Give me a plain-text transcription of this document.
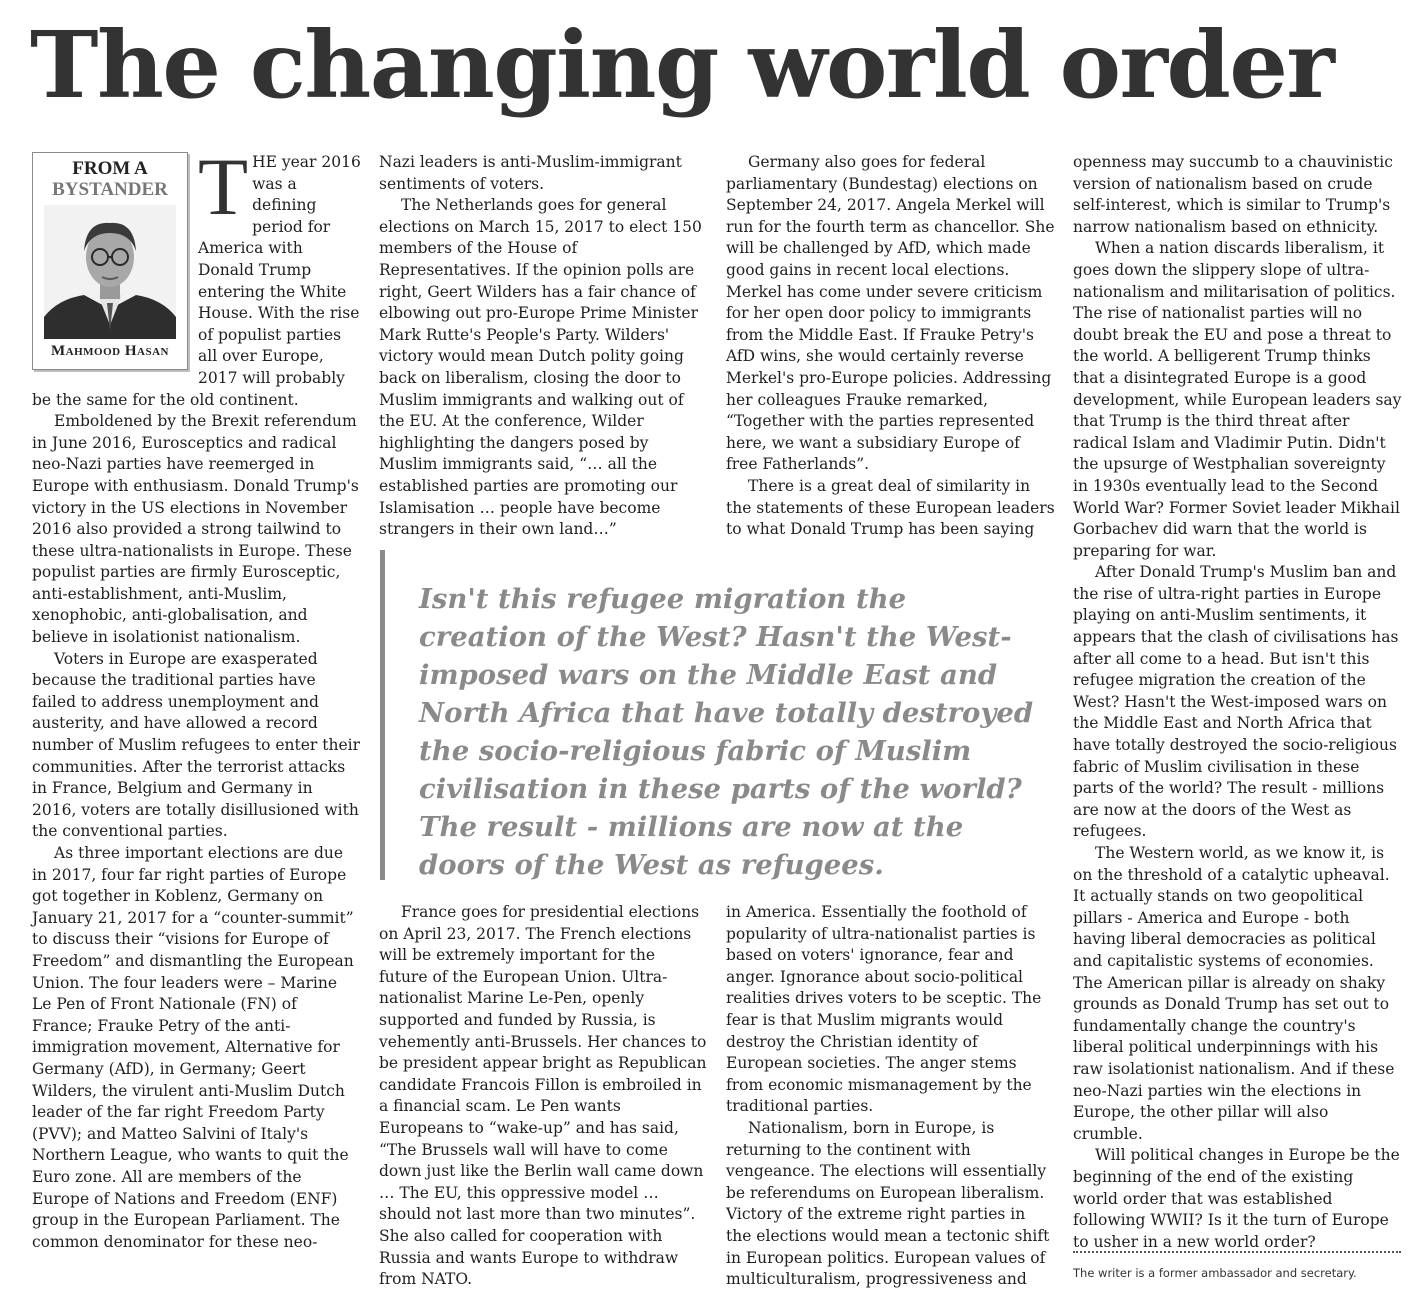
The changing world order
FROM A
BYSTANDER
Mahmood Hasan
T HE year 2016 was a defining period for America with Donald Trump entering the White House. With the rise of populist parties all over Europe, 2017 will probably be the same for the old continent.

Emboldened by the Brexit referendum in June 2016, Eurosceptics and radical neo-Nazi parties have reemerged in Europe with enthusiasm. Donald Trump's victory in the US elections in November 2016 also provided a strong tailwind to these ultra-nationalists in Europe. These populist parties are firmly Eurosceptic, anti-establishment, anti-Muslim, xenophobic, anti-globalisation, and believe in isolationist nationalism.

Voters in Europe are exasperated because the traditional parties have failed to address unemployment and austerity, and have allowed a record number of Muslim refugees to enter their communities. After the terrorist attacks in France, Belgium and Germany in 2016, voters are totally disillusioned with the conventional parties.

As three important elections are due in 2017, four far right parties of Europe got together in Koblenz, Germany on January 21, 2017 for a “counter-summit” to discuss their “visions for Europe of Freedom” and dismantling the European Union. The four leaders were – Marine Le Pen of Front Nationale (FN) of France; Frauke Petry of the anti-immigration movement, Alternative for Germany (AfD), in Germany; Geert Wilders, the virulent anti-Muslim Dutch leader of the far right Freedom Party (PVV); and Matteo Salvini of Italy's Northern League, who wants to quit the Euro zone. All are members of the Europe of Nations and Freedom (ENF) group in the European Parliament. The common denominator for these neo-

Nazi leaders is anti-Muslim-immigrant sentiments of voters.

The Netherlands goes for general elections on March 15, 2017 to elect 150 members of the House of Representatives. If the opinion polls are right, Geert Wilders has a fair chance of elbowing out pro-Europe Prime Minister Mark Rutte's People's Party. Wilders' victory would mean Dutch polity going back on liberalism, closing the door to Muslim immigrants and walking out of the EU. At the conference, Wilder highlighting the dangers posed by Muslim immigrants said, “… all the established parties are promoting our Islamisation … people have become strangers in their own land…”

Germany also goes for federal parliamentary (Bundestag) elections on September 24, 2017. Angela Merkel will run for the fourth term as chancellor. She will be challenged by AfD, which made good gains in recent local elections. Merkel has come under severe criticism for her open door policy to immigrants from the Middle East. If Frauke Petry's AfD wins, she would certainly reverse Merkel's pro-Europe policies. Addressing her colleagues Frauke remarked, “Together with the parties represented here, we want a subsidiary Europe of free Fatherlands”.

There is a great deal of similarity in the statements of these European leaders to what Donald Trump has been saying

Isn't this refugee migration the creation of the West? Hasn't the West-imposed wars on the Middle East and North Africa that have totally destroyed the socio-religious fabric of Muslim civilisation in these parts of the world? The result - millions are now at the doors of the West as refugees.

France goes for presidential elections on April 23, 2017. The French elections will be extremely important for the future of the European Union. Ultra-nationalist Marine Le-Pen, openly supported and funded by Russia, is vehemently anti-Brussels. Her chances to be president appear bright as Republican candidate Francois Fillon is embroiled in a financial scam. Le Pen wants Europeans to “wake-up” and has said, “The Brussels wall will have to come down just like the Berlin wall came down … The EU, this oppressive model … should not last more than two minutes”. She also called for cooperation with Russia and wants Europe to withdraw from NATO.

in America. Essentially the foothold of popularity of ultra-nationalist parties is based on voters' ignorance, fear and anger. Ignorance about socio-political realities drives voters to be sceptic. The fear is that Muslim migrants would destroy the Christian identity of European societies. The anger stems from economic mismanagement by the traditional parties.

Nationalism, born in Europe, is returning to the continent with vengeance. The elections will essentially be referendums on European liberalism. Victory of the extreme right parties in the elections would mean a tectonic shift in European politics. European values of multiculturalism, progressiveness and

openness may succumb to a chauvinistic version of nationalism based on crude self-interest, which is similar to Trump's narrow nationalism based on ethnicity.

When a nation discards liberalism, it goes down the slippery slope of ultra-nationalism and militarisation of politics. The rise of nationalist parties will no doubt break the EU and pose a threat to the world. A belligerent Trump thinks that a disintegrated Europe is a good development, while European leaders say that Trump is the third threat after radical Islam and Vladimir Putin. Didn't the upsurge of Westphalian sovereignty in 1930s eventually lead to the Second World War? Former Soviet leader Mikhail Gorbachev did warn that the world is preparing for war.

After Donald Trump's Muslim ban and the rise of ultra-right parties in Europe playing on anti-Muslim sentiments, it appears that the clash of civilisations has after all come to a head. But isn't this refugee migration the creation of the West? Hasn't the West-imposed wars on the Middle East and North Africa that have totally destroyed the socio-religious fabric of Muslim civilisation in these parts of the world? The result - millions are now at the doors of the West as refugees.

The Western world, as we know it, is on the threshold of a catalytic upheaval. It actually stands on two geopolitical pillars - America and Europe - both having liberal democracies as political and capitalistic systems of economies. The American pillar is already on shaky grounds as Donald Trump has set out to fundamentally change the country's liberal political underpinnings with his raw isolationist nationalism. And if these neo-Nazi parties win the elections in Europe, the other pillar will also crumble.

Will political changes in Europe be the beginning of the end of the existing world order that was established following WWII? Is it the turn of Europe to usher in a new world order?

The writer is a former ambassador and secretary.
